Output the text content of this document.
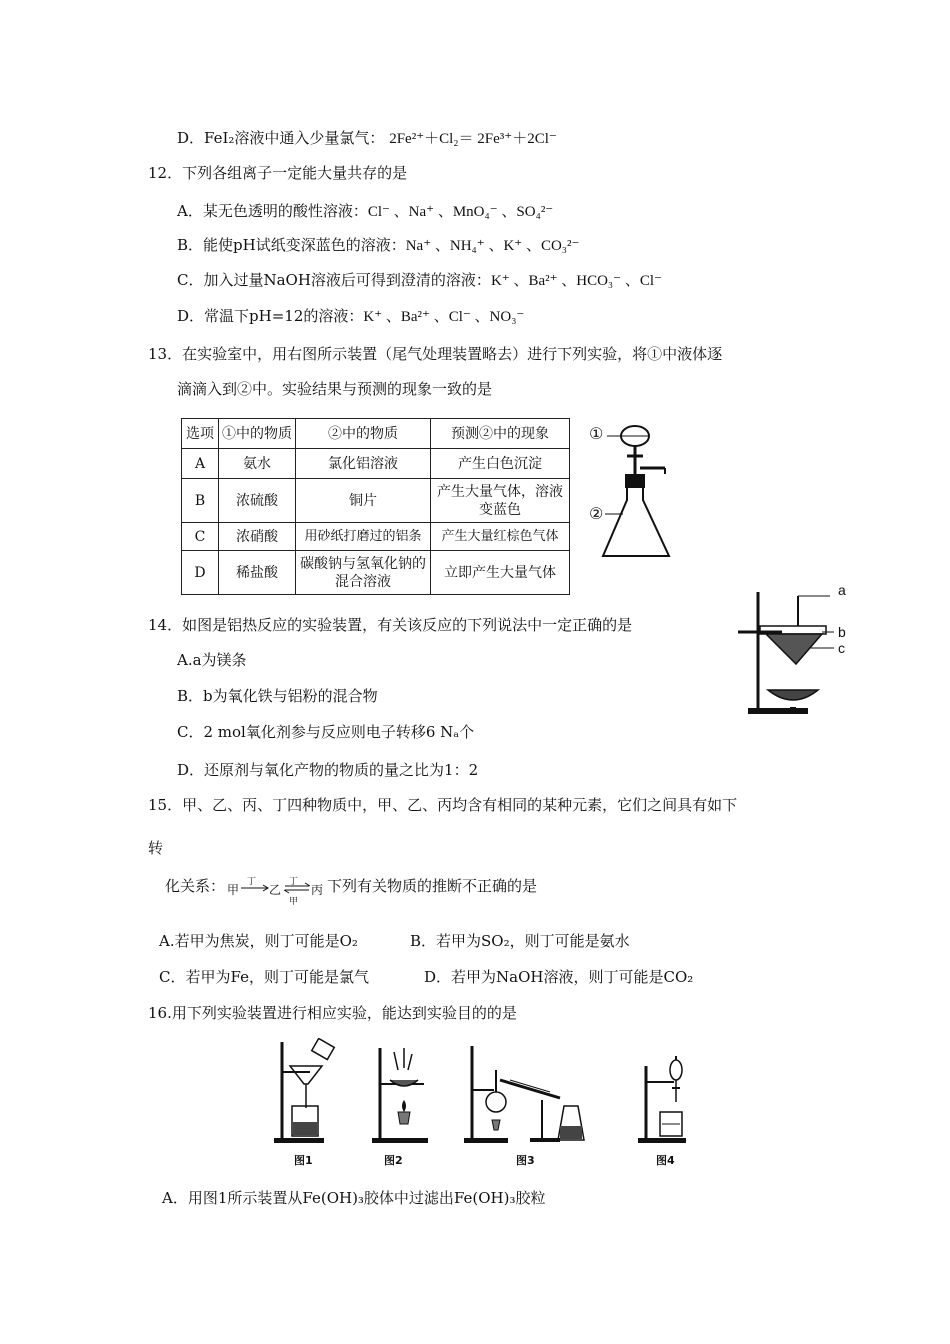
D．FeI₂溶液中通入少量氯气： 2Fe²⁺＋Cl₂＝ 2Fe³⁺＋2Cl⁻
12．下列各组离子一定能大量共存的是
A．某无色透明的酸性溶液：Cl⁻ 、Na⁺ 、MnO₄⁻ 、SO₄²⁻
B．能使pH试纸变深蓝色的溶液：Na⁺ 、NH₄⁺ 、K⁺ 、CO₃²⁻
C．加入过量NaOH溶液后可得到澄清的溶液：K⁺ 、Ba²⁺ 、HCO₃⁻ 、Cl⁻
D．常温下pH=12的溶液：K⁺ 、Ba²⁺ 、Cl⁻ 、NO₃⁻
13．在实验室中，用右图所示装置（尾气处理装置略去）进行下列实验，将①中液体逐
滴滴入到②中。实验结果与预测的现象一致的是
选项	①中的物质	②中的物质	预测②中的现象
A	氨水	氯化铝溶液	产生白色沉淀
B	浓硫酸	铜片	产生大量气体，溶液变蓝色
C	浓硝酸	用砂纸打磨过的铝条	产生大量红棕色气体
D	稀盐酸	碳酸钠与氢氧化钠的混合溶液	立即产生大量气体
①
②
14．如图是铝热反应的实验装置，有关该反应的下列说法中一定正确的是
A.a为镁条
B．b为氧化铁与铝粉的混合物
C．2 mol氧化剂参与反应则电子转移6 Nₐ个
D．还原剂与氧化产物的物质的量之比为1：2
a
b
c
15．甲、乙、丙、丁四种物质中，甲、乙、丙均含有相同的某种元素，它们之间具有如下
转
化关系： 甲
丁
乙
丁
甲
丙 下列有关物质的推断不正确的是
A.若甲为焦炭，则丁可能是O₂	B．若甲为SO₂，则丁可能是氨水
C．若甲为Fe，则丁可能是氯气	D．若甲为NaOH溶液，则丁可能是CO₂
16.用下列实验装置进行相应实验，能达到实验目的的是
图1	图2	图3	图4
A．用图1所示装置从Fe(OH)₃胶体中过滤出Fe(OH)₃胶粒
